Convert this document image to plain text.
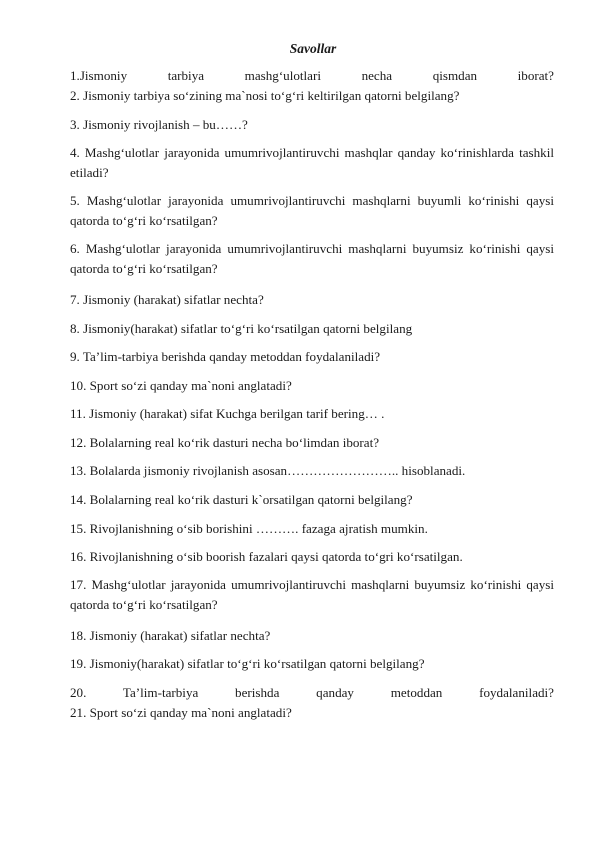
Savollar

1.Jismoniy tarbiya mashg‘ulotlari necha qismdan iborat?

2. Jismoniy tarbiya so‘zining ma`nosi to‘g‘ri keltirilgan qatorni belgilang?

3. Jismoniy rivojlanish – bu……?

4. Mashg‘ulotlar jarayonida umumrivojlantiruvchi mashqlar qanday ko‘rinishlarda tashkil etiladi?

5. Mashg‘ulotlar jarayonida umumrivojlantiruvchi mashqlarni buyumli ko‘rinishi qaysi qatorda to‘g‘ri ko‘rsatilgan?

6. Mashg‘ulotlar jarayonida umumrivojlantiruvchi mashqlarni buyumsiz ko‘rinishi qaysi qatorda to‘g‘ri ko‘rsatilgan?

7. Jismoniy (harakat) sifatlar nechta?

8. Jismoniy(harakat) sifatlar to‘g‘ri ko‘rsatilgan qatorni belgilang

9. Ta’lim-tarbiya berishda qanday metoddan foydalaniladi?

10. Sport so‘zi qanday ma`noni anglatadi?

11. Jismoniy (harakat) sifat Kuchga berilgan tarif bering… .

12. Bolalarning real ko‘rik dasturi necha bo‘limdan iborat?

13. Bolalarda jismoniy rivojlanish asosan…………………….. hisoblanadi.

14. Bolalarning real ko‘rik dasturi k`orsatilgan qatorni belgilang?

15. Rivojlanishning o‘sib borishini ………. fazaga ajratish mumkin.

16. Rivojlanishning o‘sib boorish fazalari qaysi qatorda to‘gri ko‘rsatilgan.

17. Mashg‘ulotlar jarayonida umumrivojlantiruvchi mashqlarni buyumsiz ko‘rinishi qaysi qatorda to‘g‘ri ko‘rsatilgan?

18. Jismoniy (harakat) sifatlar nechta?

19. Jismoniy(harakat) sifatlar to‘g‘ri ko‘rsatilgan qatorni belgilang?

20. Ta’lim-tarbiya berishda qanday metoddan foydalaniladi?

21. Sport so‘zi qanday ma`noni anglatadi?
